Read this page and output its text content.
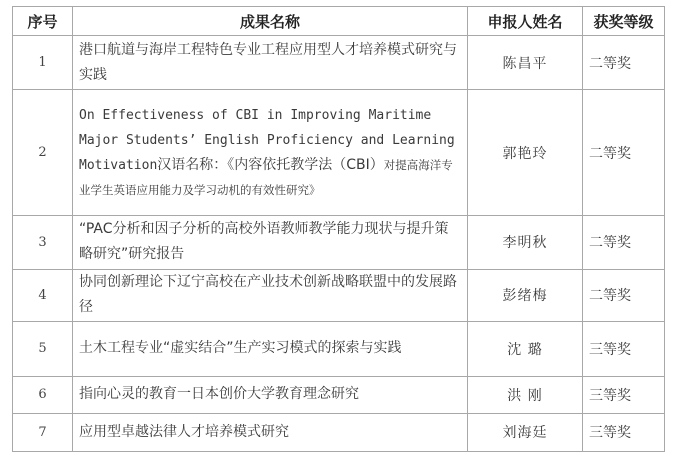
序号	成果名称	申报人姓名	获奖等级
1	港口航道与海岸工程特色专业工程应用型人才培养模式研究与实践	陈昌平	二等奖
2	On Effectiveness of CBI in Improving Maritime Major Students’ English Proficiency and Learning Motivation汉语名称：《内容依托教学法（CBI）对提高海洋专业学生英语应用能力及学习动机的有效性研究》	郭艳玲	二等奖
3	“PAC分析和因子分析的高校外语教师教学能力现状与提升策略研究”研究报告	李明秋	二等奖
4	协同创新理论下辽宁高校在产业技术创新战略联盟中的发展路径	彭绪梅	二等奖
5	土木工程专业“虚实结合”生产实习模式的探索与实践	沈 璐	三等奖
6	指向心灵的教育一日本创价大学教育理念研究	洪 刚	三等奖
7	应用型卓越法律人才培养模式研究	刘海廷	三等奖
